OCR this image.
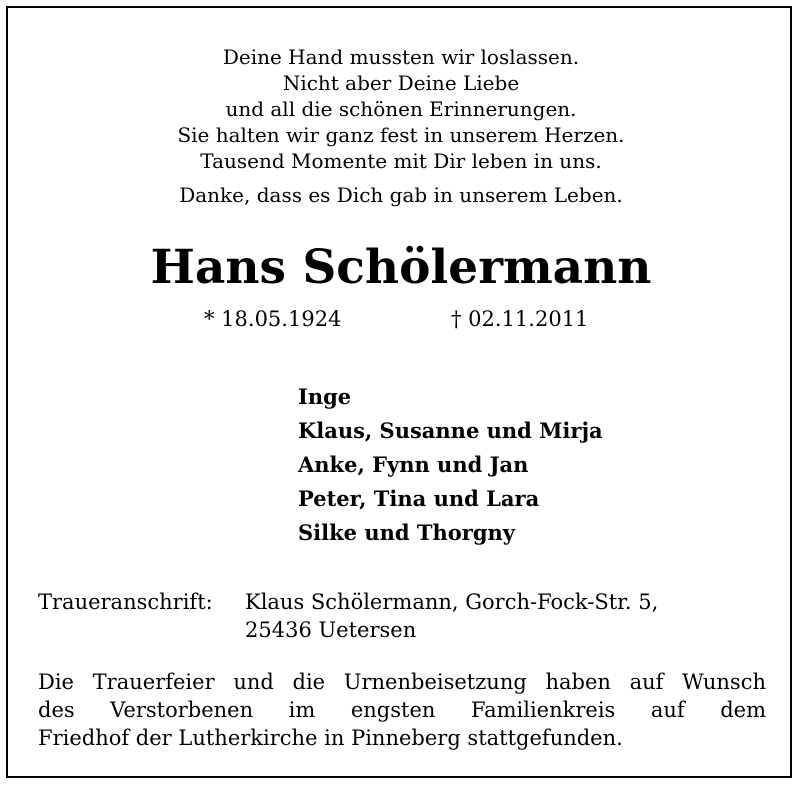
Deine Hand mussten wir loslassen.
Nicht aber Deine Liebe
und all die schönen Erinnerungen.
Sie halten wir ganz fest in unserem Herzen.
Tausend Momente mit Dir leben in uns.
Danke, dass es Dich gab in unserem Leben.
Hans Schölermann
* 18.05.1924	† 02.11.2011
Inge
Klaus, Susanne und Mirja
Anke, Fynn und Jan
Peter, Tina und Lara
Silke und Thorgny
Traueranschrift: Klaus Schölermann, Gorch-Fock-Str. 5,
25436 Uetersen
Die Trauerfeier und die Urnenbeisetzung haben auf Wunsch
des Verstorbenen im engsten Familienkreis auf dem
Friedhof der Lutherkirche in Pinneberg stattgefunden.
